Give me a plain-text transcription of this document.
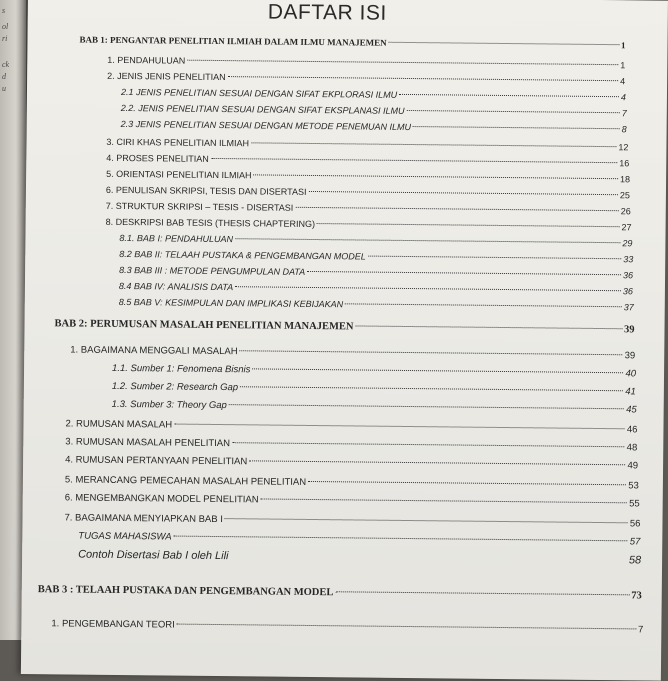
s
ol
ri
ck
d
u
DAFTAR ISI
BAB 1: PENGANTAR PENELITIAN ILMIAH DALAM ILMU MANAJEMEN	1
1. PENDAHULUAN	1
2. JENIS JENIS PENELITIAN	4
2.1 JENIS PENELITIAN SESUAI DENGAN SIFAT EKPLORASI ILMU	4
2.2. JENIS PENELITIAN SESUAI DENGAN SIFAT EKSPLANASI ILMU	7
2.3 JENIS PENELITIAN SESUAI DENGAN METODE PENEMUAN ILMU	8
3. CIRI KHAS PENELITIAN ILMIAH	12
4. PROSES PENELITIAN	16
5. ORIENTASI PENELITIAN ILMIAH	18
6. PENULISAN SKRIPSI, TESIS DAN DISERTASI	25
7. STRUKTUR SKRIPSI – TESIS - DISERTASI	26
8. DESKRIPSI BAB TESIS (THESIS CHAPTERING)	27
8.1. BAB I: PENDAHULUAN	29
8.2 BAB II: TELAAH PUSTAKA & PENGEMBANGAN MODEL	33
8.3 BAB III : METODE PENGUMPULAN DATA	36
8.4 BAB IV: ANALISIS DATA	36
8.5 BAB V: KESIMPULAN DAN IMPLIKASI KEBIJAKAN	37
BAB 2: PERUMUSAN MASALAH PENELITIAN MANAJEMEN	39
1. BAGAIMANA MENGGALI MASALAH	39
1.1. Sumber 1: Fenomena Bisnis	40
1.2. Sumber 2: Research Gap	41
1.3. Sumber 3: Theory Gap	45
2. RUMUSAN MASALAH	46
3. RUMUSAN MASALAH PENELITIAN	48
4. RUMUSAN PERTANYAAN PENELITIAN	49
5. MERANCANG PEMECAHAN MASALAH PENELITIAN	53
6. MENGEMBANGKAN MODEL PENELITIAN	55
7. BAGAIMANA MENYIAPKAN BAB I	56
TUGAS MAHASISWA	57
Contoh Disertasi Bab I oleh Lili	58
BAB 3 : TELAAH PUSTAKA DAN PENGEMBANGAN MODEL	73
1. PENGEMBANGAN TEORI	7
